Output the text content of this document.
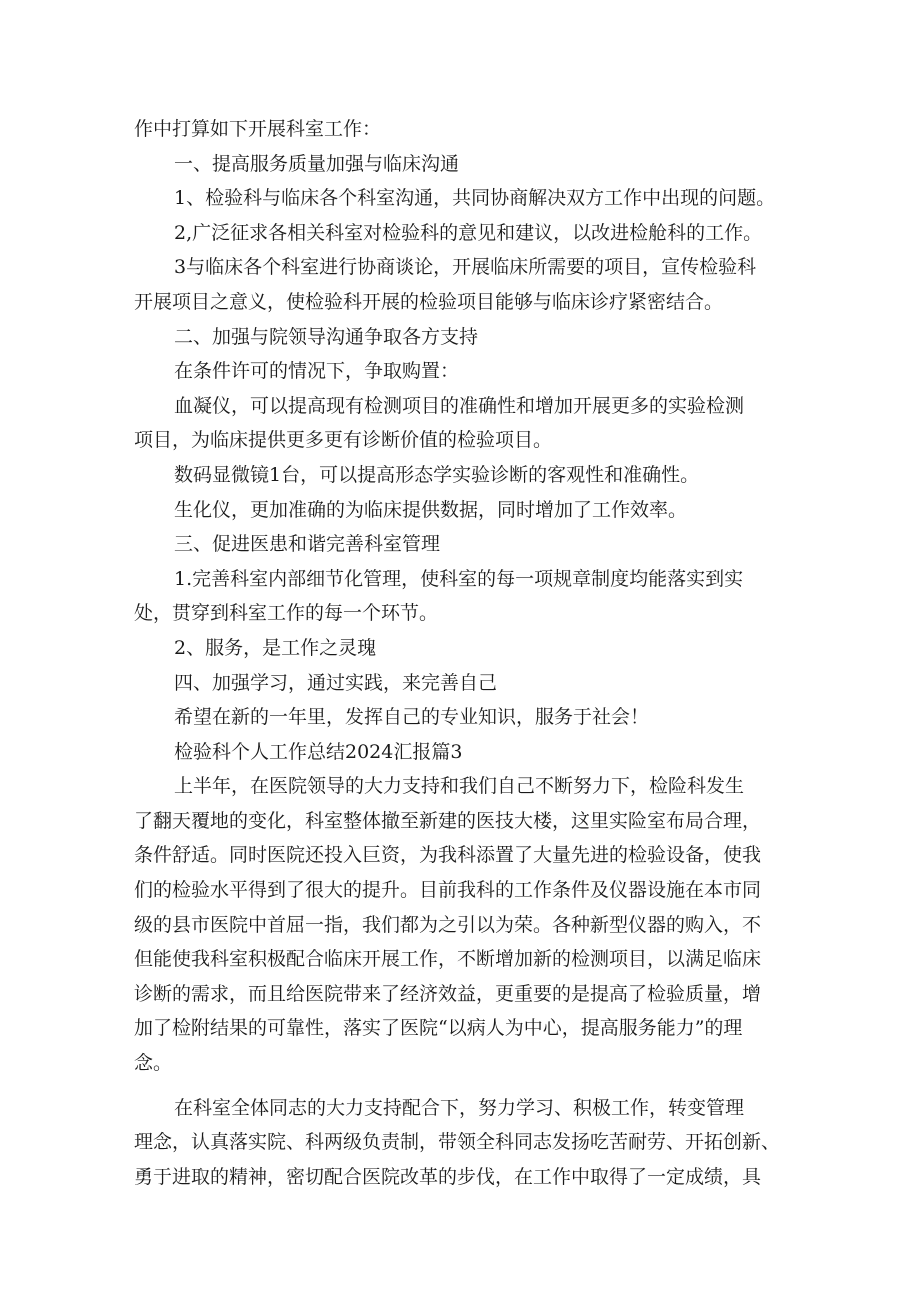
作中打算如下开展科室工作：

一、提高服务质量加强与临床沟通

1、检验科与临床各个科室沟通，共同协商解决双方工作中出现的问题。

2,广泛征求各相关科室对检验科的意见和建议，以改进检舱科的工作。

3与临床各个科室进行协商谈论，开展临床所需要的项目，宣传检验科

开展项目之意义，使检验科开展的检验项目能够与临床诊疗紧密结合。

二、加强与院领导沟通争取各方支持

在条件许可的情况下，争取购置：

血凝仪，可以提高现有检测项目的准确性和增加开展更多的实验检测

项目，为临床提供更多更有诊断价值的检验项目。

数码显微镜1台，可以提高形态学实验诊断的客观性和准确性。

生化仪，更加准确的为临床提供数据，同时增加了工作效率。

三、促进医患和谐完善科室管理

1.完善科室内部细节化管理，使科室的每一项规章制度均能落实到实

处，贯穿到科室工作的每一个环节。

2、服务，是工作之灵瑰

四、加强学习，通过实践，来完善自己

希望在新的一年里，发挥自己的专业知识，服务于社会！

检验科个人工作总结2024汇报篇3

上半年，在医院领导的大力支持和我们自己不断努力下，检险科发生

了翻天覆地的变化，科室整体撤至新建的医技大楼，这里实险室布局合理，

条件舒适。同时医院还投入巨资，为我科添置了大量先进的检验设备，使我

们的检验水平得到了很大的提升。目前我科的工作条件及仪器设施在本市同

级的县市医院中首屈一指，我们都为之引以为荣。各种新型仪器的购入，不

但能使我科室积极配合临床开展工作，不断增加新的检测项目，以满足临床

诊断的需求，而且给医院带来了经济效益，更重要的是提高了检验质量，增

加了检附结果的可靠性，落实了医院“以病人为中心，提高服务能力”的理

念。

在科室全体同志的大力支持配合下，努力学习、积极工作，转变管理

理念，认真落实院、科两级负责制，带领全科同志发扬吃苦耐劳、开拓创新、

勇于进取的精神，密切配合医院改革的步伐，在工作中取得了一定成绩，具
